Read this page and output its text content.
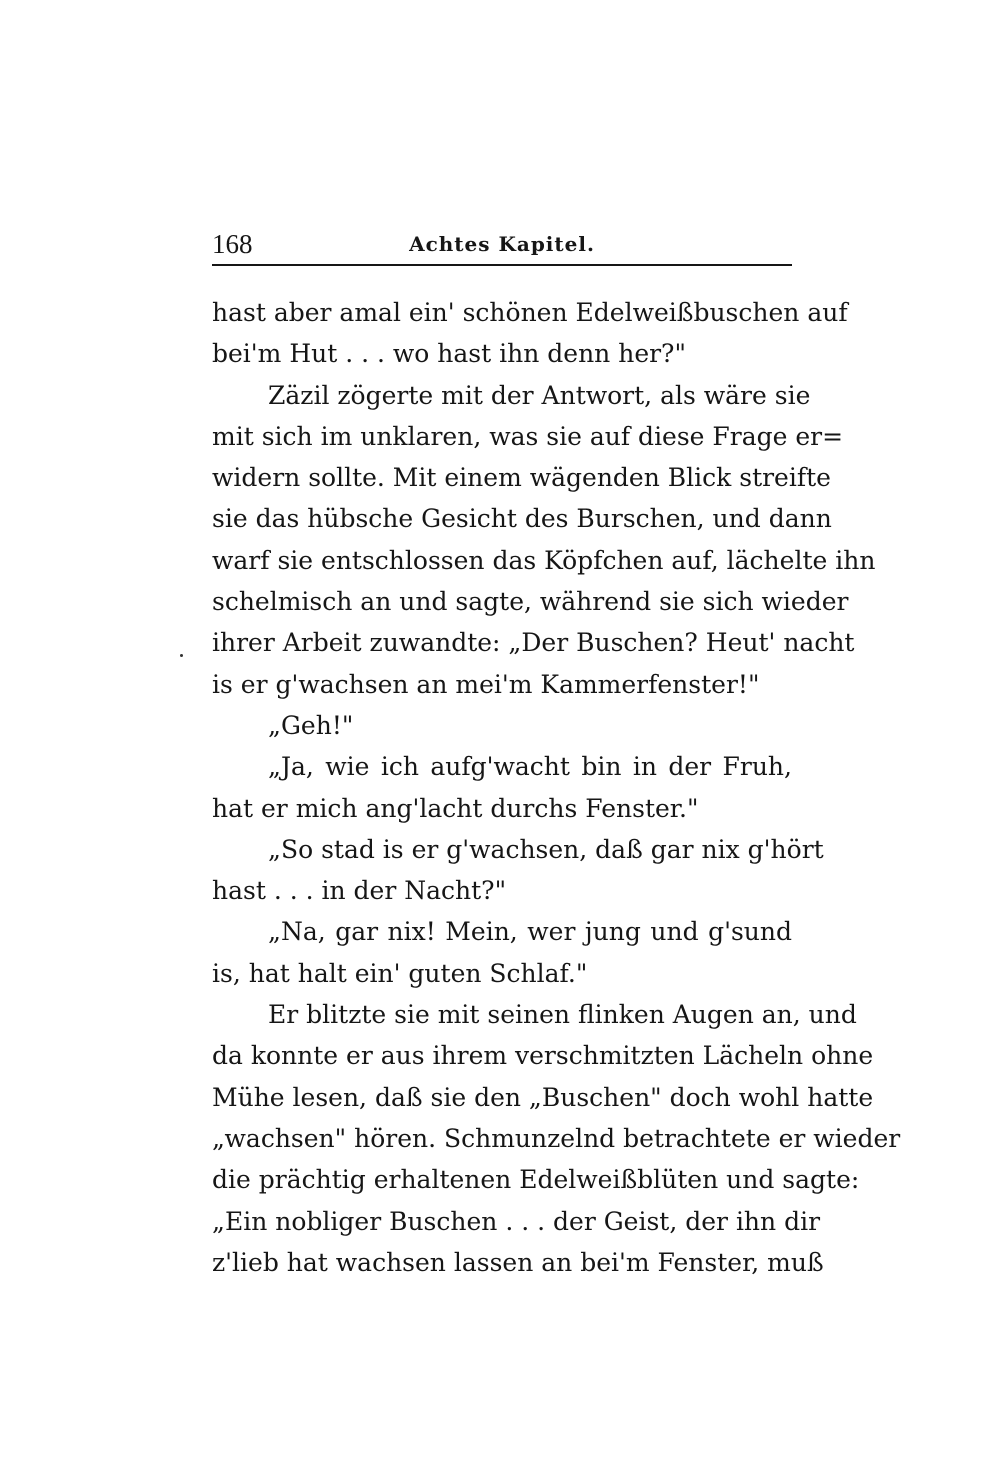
168	Achtes Kapitel.
hast aber amal ein' schönen Edelweißbuschen auf
bei'm Hut . . . wo hast ihn denn her?"
Zäzil zögerte mit der Antwort, als wäre sie
mit sich im unklaren, was sie auf diese Frage er=
widern sollte. Mit einem wägenden Blick streifte
sie das hübsche Gesicht des Burschen, und dann
warf sie entschlossen das Köpfchen auf, lächelte ihn
schelmisch an und sagte, während sie sich wieder
ihrer Arbeit zuwandte: „Der Buschen? Heut' nacht
is er g'wachsen an mei'm Kammerfenster!"
„Geh!"
„Ja, wie ich aufg'wacht bin in der Fruh,
hat er mich ang'lacht durchs Fenster."
„So stad is er g'wachsen, daß gar nix g'hört
hast . . . in der Nacht?"
„Na, gar nix! Mein, wer jung und g'sund
is, hat halt ein' guten Schlaf."
Er blitzte sie mit seinen flinken Augen an, und
da konnte er aus ihrem verschmitzten Lächeln ohne
Mühe lesen, daß sie den „Buschen" doch wohl hatte
„wachsen" hören. Schmunzelnd betrachtete er wieder
die prächtig erhaltenen Edelweißblüten und sagte:
„Ein nobliger Buschen . . . der Geist, der ihn dir
z'lieb hat wachsen lassen an bei'm Fenster, muß
